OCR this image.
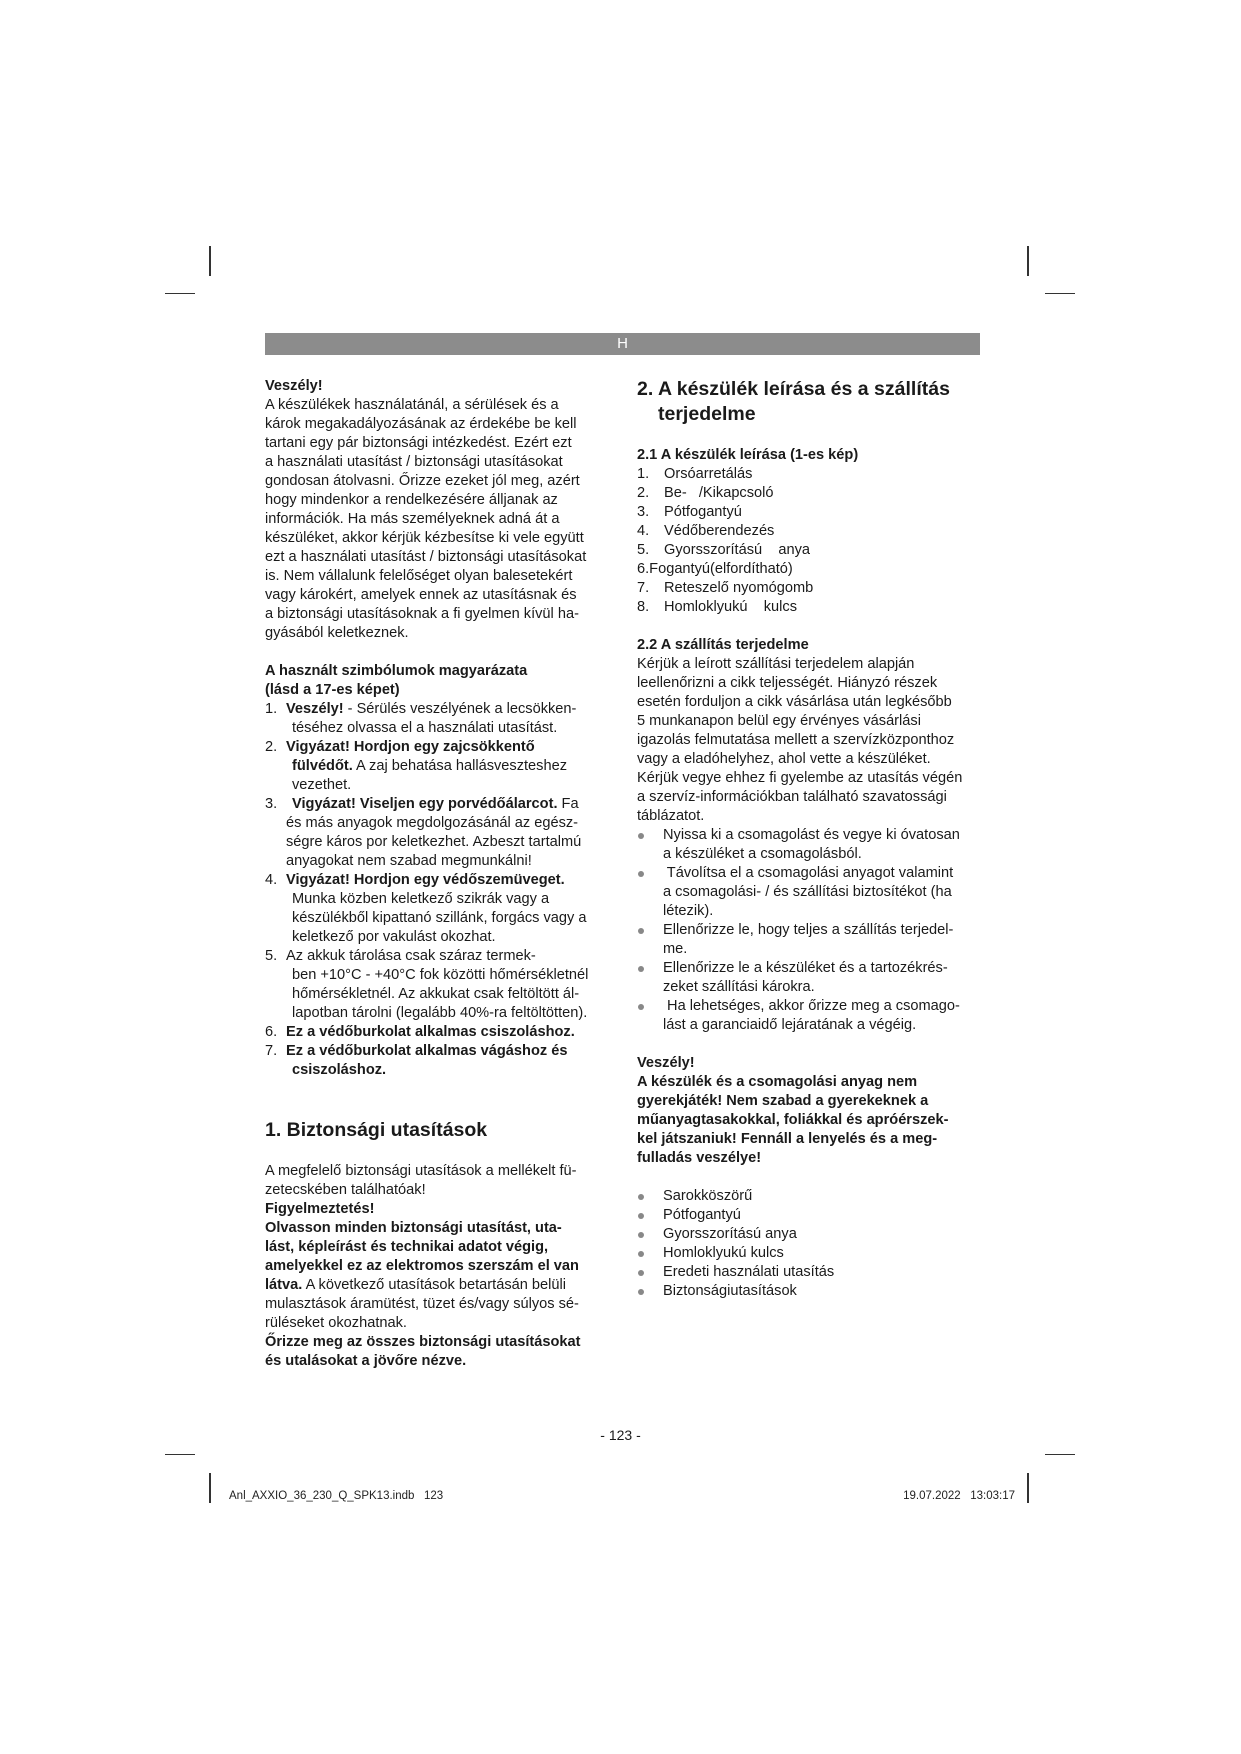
H

Veszély!

A készülékek használatánál, a sérülések és a

károk megakadályozásának az érdekébe be kell

tartani egy pár biztonsági intézkedést. Ezért ezt

a használati utasítást / biztonsági utasításokat

gondosan átolvasni. Őrizze ezeket jól meg, azért

hogy mindenkor a rendelkezésére álljanak az

információk. Ha más személyeknek adná át a

készüléket, akkor kérjük kézbesítse ki vele együtt

ezt a használati utasítást / biztonsági utasításokat

is. Nem vállalunk felelőséget olyan balesetekért

vagy károkért, amelyek ennek az utasításnak és

a biztonsági utasításoknak a fi gyelmen kívül ha-

gyásából keletkeznek.

A használt szimbólumok magyarázata

(lásd a 17-es képet)

1. Veszély! - Sérülés veszélyének a lecsökken-
téséhez olvassa el a használati utasítást.
2. Vigyázat! Hordjon egy zajcsökkentő
fülvédőt. A zaj behatása hallásveszteshez
vezethet.
3.	Vigyázat! Viseljen egy porvédőálarcot. Fa
és más anyagok megdolgozásánál az egész-
ségre káros por keletkezhet. Azbeszt tartalmú
anyagokat nem szabad megmunkálni!
4. Vigyázat! Hordjon egy védőszemüveget.
Munka közben keletkező szikrák vagy a
készülékből kipattanó szillánk, forgács vagy a
keletkező por vakulást okozhat.
5. Az akkuk tárolása csak száraz termek-
ben +10°C - +40°C fok közötti hőmérsékletnél
hőmérsékletnél. Az akkukat csak feltöltött ál-
lapotban tárolni (legalább 40%-ra feltöltötten).
6. Ez a védőburkolat alkalmas csiszoláshoz.
7. Ez a védőburkolat alkalmas vágáshoz és
csiszoláshoz.
1. Biztonsági utasítások

A megfelelő biztonsági utasítások a mellékelt fü-

zetecskében találhatóak!

Figyelmeztetés!

Olvasson minden biztonsági utasítást, uta-

lást, képleírást és technikai adatot végig,

amelyekkel ez az elektromos szerszám el van

látva. A következő utasítások betartásán belüli

mulasztások áramütést, tüzet és/vagy súlyos sé-

rüléseket okozhatnak.

Őrizze meg az összes biztonsági utasításokat

és utalásokat a jövőre nézve.

2. A készülék leírása és a szállítás
terjedelme

2.1 A készülék leírása (1-es kép)

1.	Orsóarretálás
2.	Be-   /Kikapcsoló
3.	Pótfogantyú
4.	Védőberendezés
5.	Gyorsszorítású    anya
6.Fogantyú(elfordítható)
7.	Reteszelő nyomógomb
8.	Homloklyukú    kulcs

2.2 A szállítás terjedelme

Kérjük a leírott szállítási terjedelem alapján

leellenőrizni a cikk teljességét. Hiányzó részek

esetén forduljon a cikk vásárlása után legkésőbb

5 munkanapon belül egy érvényes vásárlási

igazolás felmutatása mellett a szervízközponthoz

vagy a eladóhelyhez, ahol vette a készüléket.

Kérjük vegye ehhez fi gyelembe az utasítás végén

a szervíz-információkban található szavatossági

táblázatot.

Nyissa ki a csomagolást és vegye ki óvatosan
a készüléket a csomagolásból.
Távolítsa el a csomagolási anyagot valamint
a csomagolási- / és szállítási biztosítékot (ha
létezik).
Ellenőrizze le, hogy teljes a szállítás terjedel-
me.
Ellenőrizze le a készüléket és a tartozékrés-
zeket szállítási károkra.
Ha lehetséges, akkor őrizze meg a csomago-
lást a garanciaidő lejáratának a végéig.

Veszély!

A készülék és a csomagolási anyag nem

gyerekjáték! Nem szabad a gyerekeknek a

műanyagtasakokkal, foliákkal és apróérszek-

kel játszaniuk! Fennáll a lenyelés és a meg-

fulladás veszélye!

Sarokköszörű
Pótfogantyú
Gyorsszorítású anya
Homloklyukú kulcs
Eredeti használati utasítás
Biztonságiutasítások
- 123 -
Anl_AXXIO_36_230_Q_SPK13.indb   123	19.07.2022   13:03:17
